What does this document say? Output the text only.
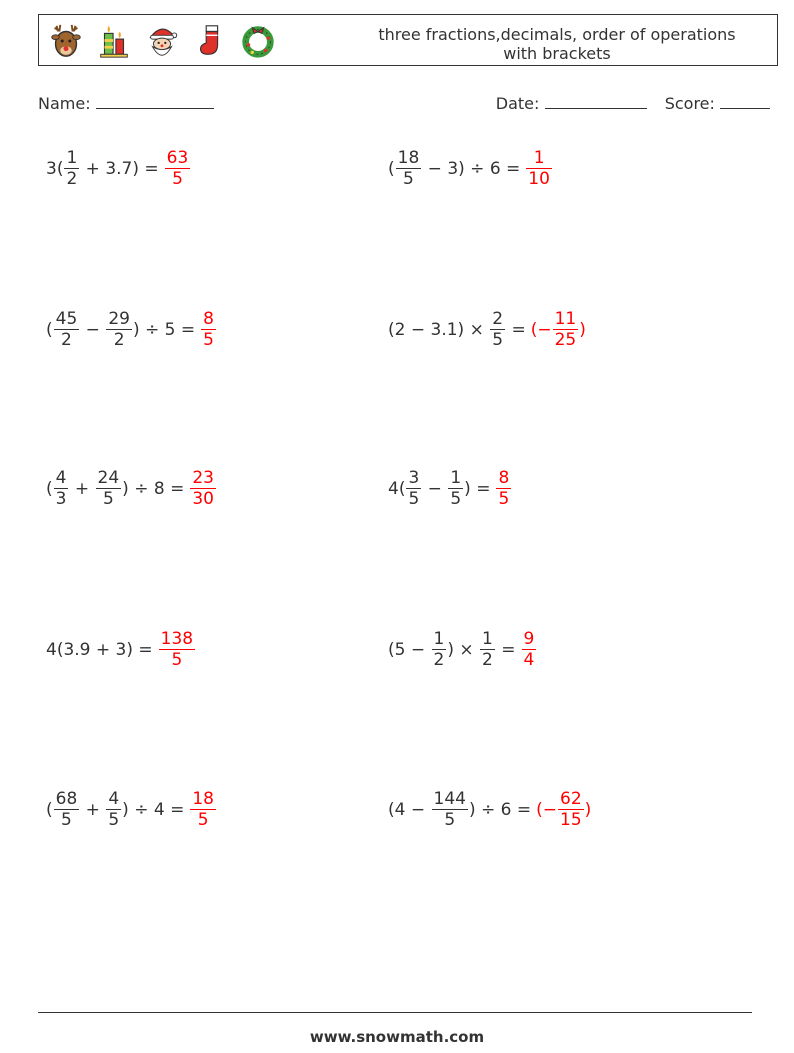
three fractions,decimals, order of operations
with brackets
Name:	Date:	Score:
$3( \frac{1}{2} + 3.7) = \frac{63}{5}$	( $\frac{18}{5} - 3) \div 6 = \frac{1}{10}$
( $\frac{45}{2} - \frac{29}{2}$ ) ÷ $5 = \frac{8}{5}$	$(2 - 3.1) \times \frac{2}{5}$ = (− $\frac{11}{25}$ )
( $\frac{4}{3} + \frac{24}{5}$ ) ÷ $8 = \frac{23}{30}$	$4( \frac{3}{5} - \frac{1}{5}$ ) = $\frac{8}{5}$
$4(3.9 + 3) = \frac{138}{5}$	($5 - \frac{1}{2}$ ) × $\frac{1}{2} = \frac{9}{4}$
( $\frac{68}{5} + \frac{4}{5}$ ) ÷ $4 = \frac{18}{5}$	($4 - \frac{144}{5}$ ) ÷ 6 = (− $\frac{62}{15}$ )
www.snowmath.com
